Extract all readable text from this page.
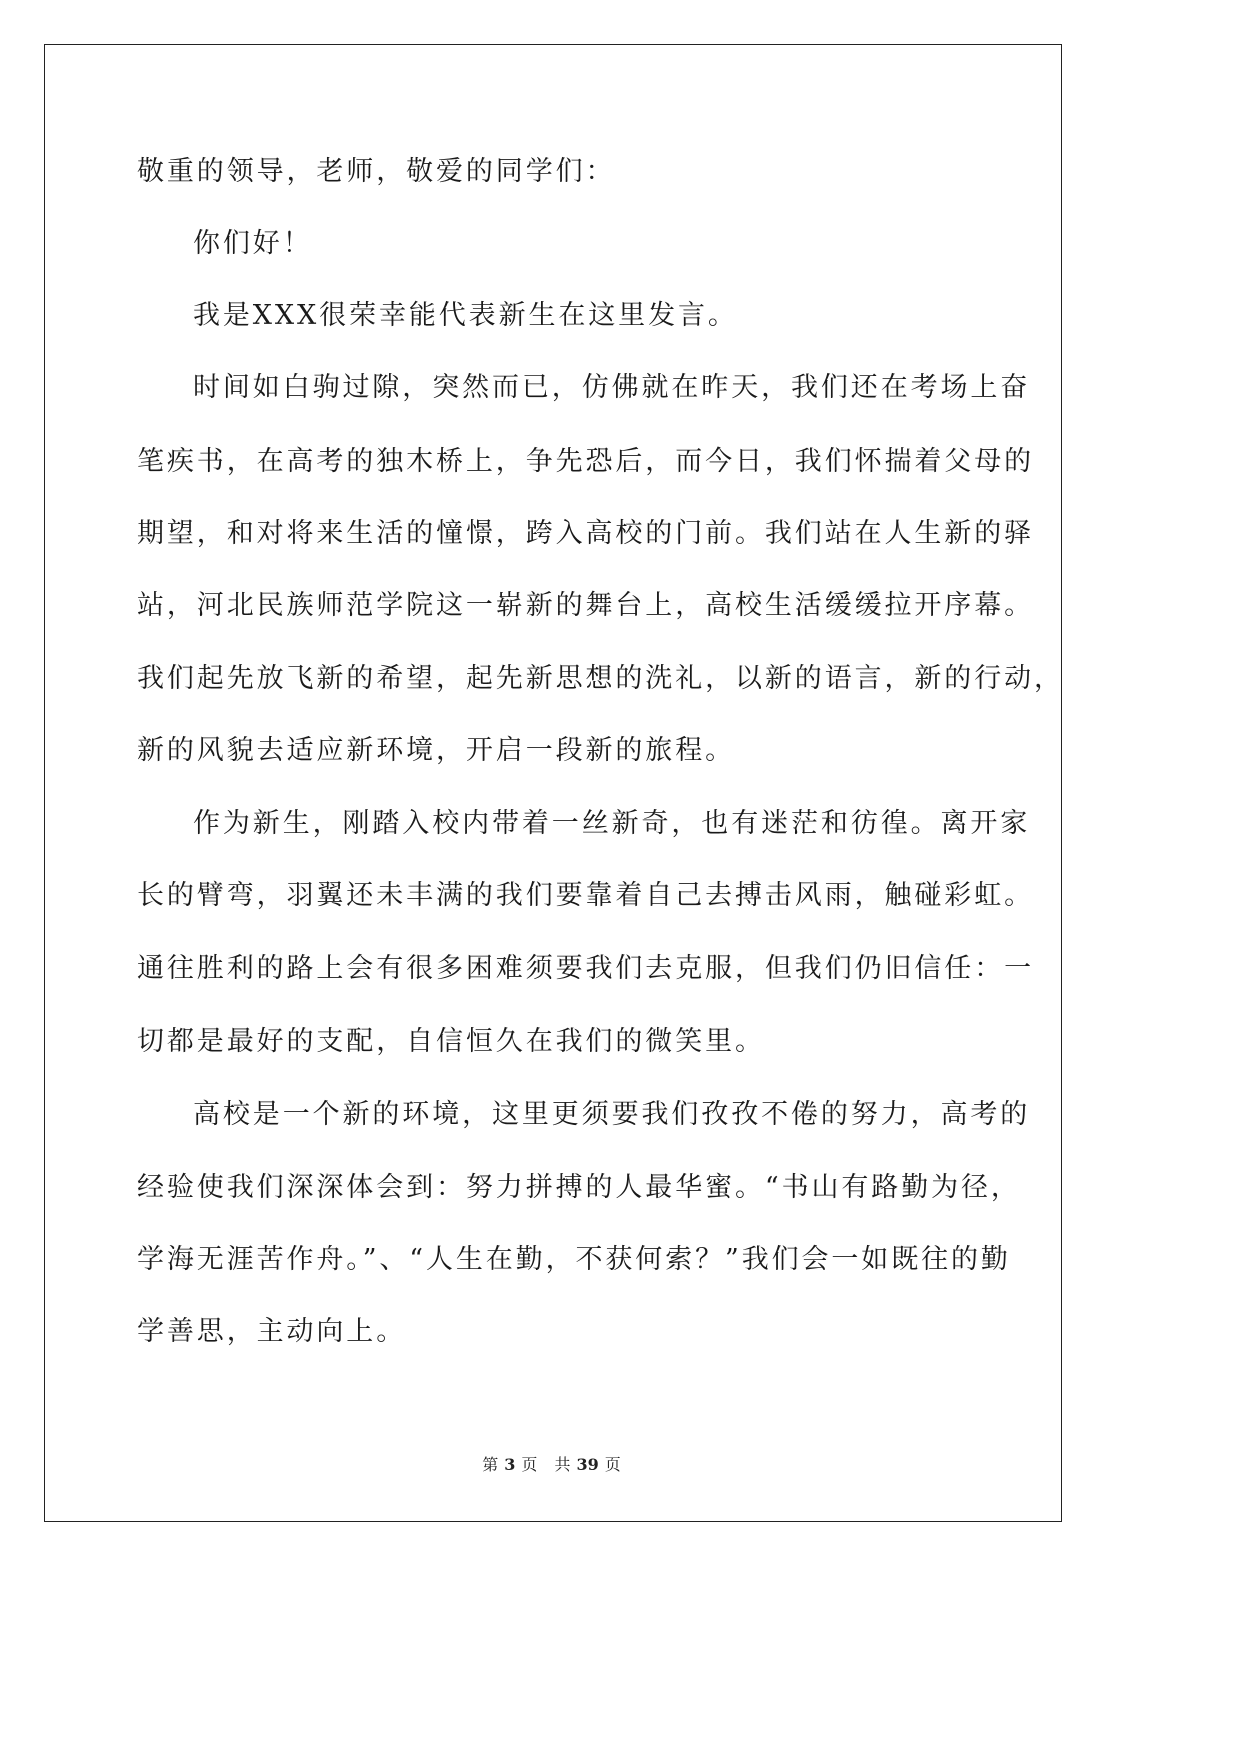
敬重的领导，老师，敬爱的同学们：
你们好！
我是XXX很荣幸能代表新生在这里发言。
时间如白驹过隙，突然而已，仿佛就在昨天，我们还在考场上奋
笔疾书，在高考的独木桥上，争先恐后，而今日，我们怀揣着父母的
期望，和对将来生活的憧憬，跨入高校的门前。我们站在人生新的驿
站，河北民族师范学院这一崭新的舞台上，高校生活缓缓拉开序幕。
我们起先放飞新的希望，起先新思想的洗礼，以新的语言，新的行动，
新的风貌去适应新环境，开启一段新的旅程。
作为新生，刚踏入校内带着一丝新奇，也有迷茫和彷徨。离开家
长的臂弯，羽翼还未丰满的我们要靠着自己去搏击风雨，触碰彩虹。
通往胜利的路上会有很多困难须要我们去克服，但我们仍旧信任：一
切都是最好的支配，自信恒久在我们的微笑里。
高校是一个新的环境，这里更须要我们孜孜不倦的努力，高考的
经验使我们深深体会到：努力拼搏的人最华蜜。“书山有路勤为径，
学海无涯苦作舟。”、“人生在勤，不获何索？”我们会一如既往的勤
学善思，主动向上。
第 3 页 共 39 页
